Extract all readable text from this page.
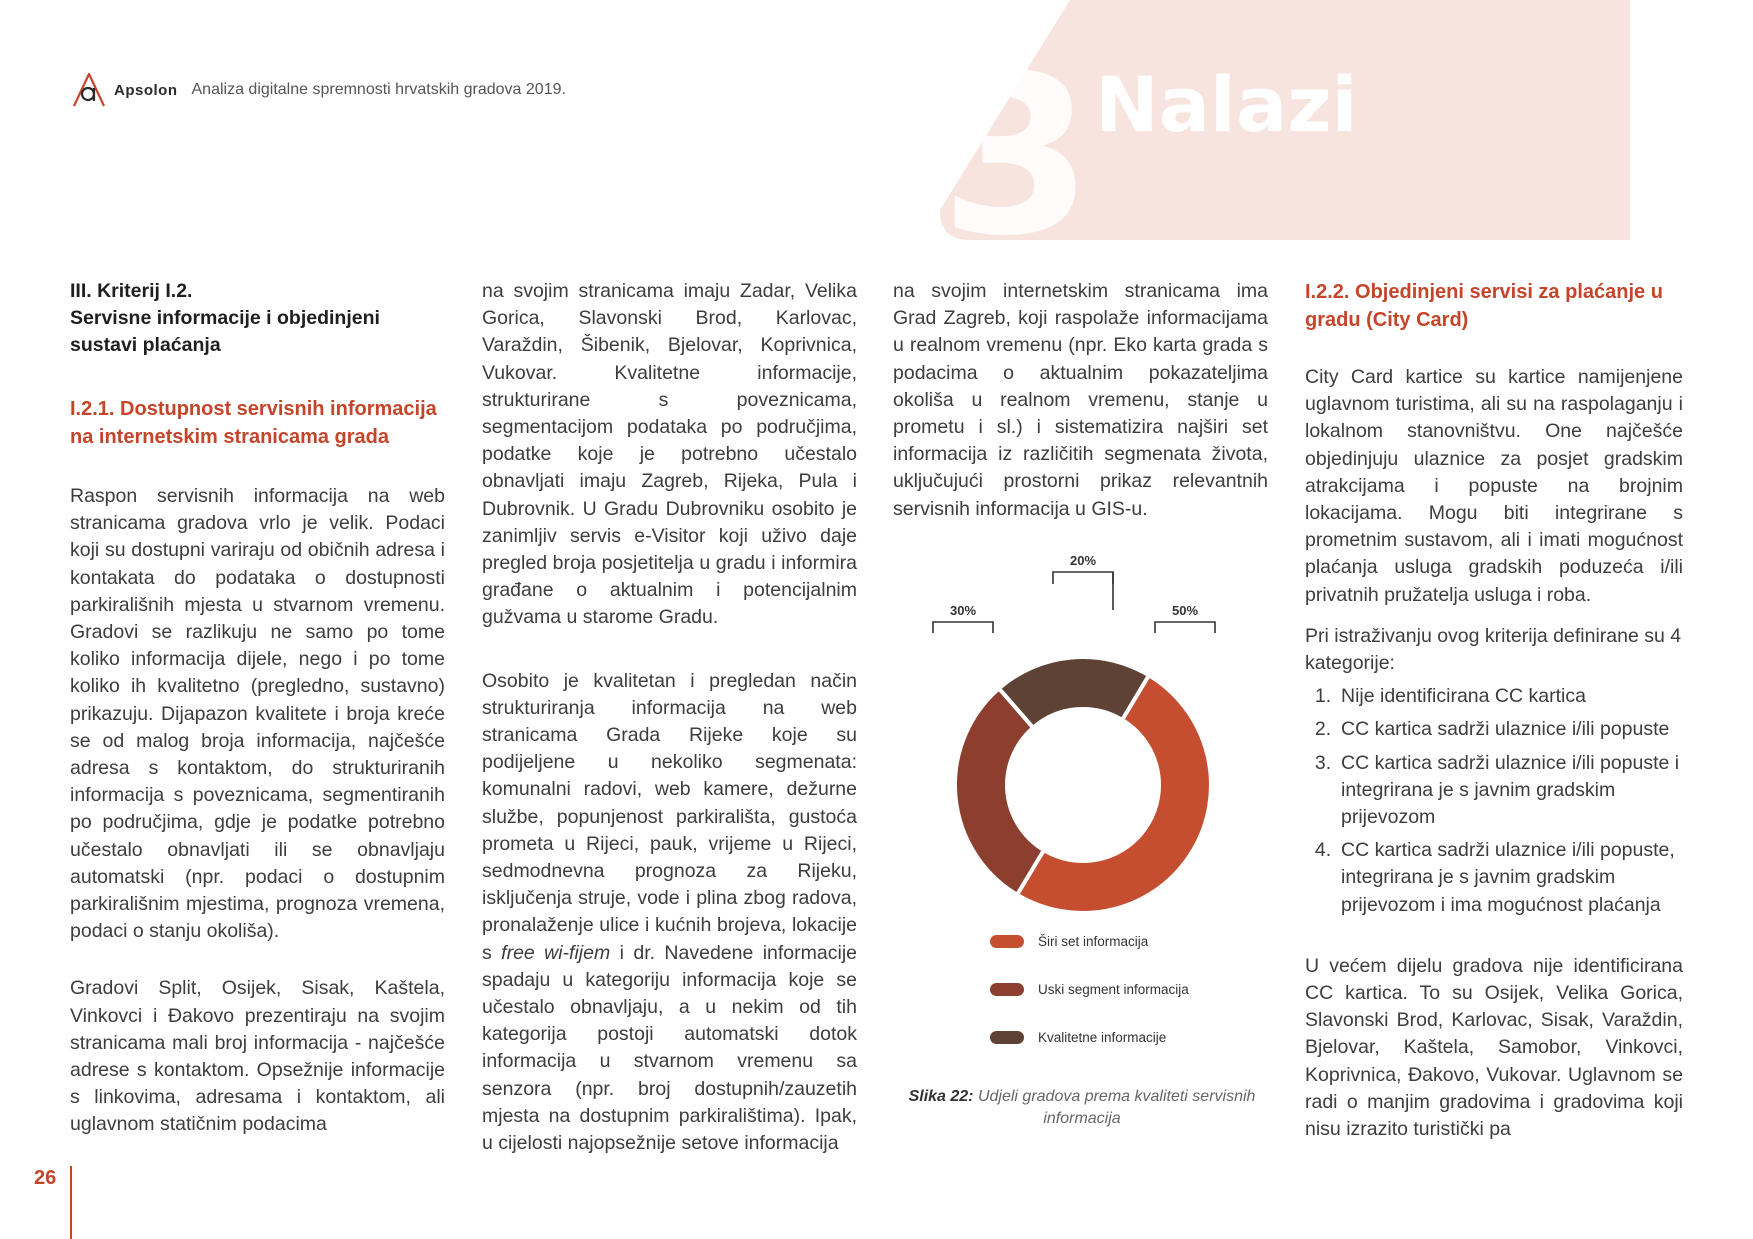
Apsolon Analiza digitalne spremnosti hrvatskih gradova 2019. 3 Nalazi
istraživanja
III. Kriterij I.2.
Servisne informacije i objedinjeni sustavi plaćanja
I.2.1. Dostupnost servisnih informacija na internetskim stranicama grada

Raspon servisnih informacija na web stranicama gradova vrlo je velik. Podaci koji su dostupni variraju od običnih adresa i kontakata do podataka o dostupnosti parkirališnih mjesta u stvarnom vremenu. Gradovi se razlikuju ne samo po tome koliko informacija dijele, nego i po tome koliko ih kvalitetno (pregledno, sustavno) prikazuju. Dijapazon kvalitete i broja kreće se od malog broja informacija, najčešće adresa s kontaktom, do strukturiranih informacija s poveznicama, segmentiranih po područjima, gdje je podatke potrebno učestalo obnavljati ili se obnavljaju automatski (npr. podaci o dostupnim parkirališnim mjestima, prognoza vremena, podaci o stanju okoliša).

Gradovi Split, Osijek, Sisak, Kaštela, Vinkovci i Đakovo prezentiraju na svojim stranicama mali broj informacija - najčešće adrese s kontaktom. Opsežnije informacije s linkovima, adresama i kontaktom, ali uglavnom statičnim podacima

na svojim stranicama imaju Zadar, Velika Gorica, Slavonski Brod, Karlovac, Varaždin, Šibenik, Bjelovar, Koprivnica, Vukovar. Kvalitetne informacije, strukturirane s poveznicama, segmentacijom podataka po područjima, podatke koje je potrebno učestalo obnavljati imaju Zagreb, Rijeka, Pula i Dubrovnik. U Gradu Dubrovniku osobito je zanimljiv servis e-Visitor koji uživo daje pregled broja posjetitelja u gradu i informira građane o aktualnim i potencijalnim gužvama u starome Gradu.

Osobito je kvalitetan i pregledan način strukturiranja informacija na web stranicama Grada Rijeke koje su podijeljene u nekoliko segmenata: komunalni radovi, web kamere, dežurne službe, popunjenost parkirališta, gustoća prometa u Rijeci, pauk, vrijeme u Rijeci, sedmodnevna prognoza za Rijeku, isključenja struje, vode i plina zbog radova, pronalaženje ulice i kućnih brojeva, lokacije s free wi-fijem i dr. Navedene informacije spadaju u kategoriju informacija koje se učestalo obnavljaju, a u nekim od tih kategorija postoji automatski dotok informacija u stvarnom vremenu sa senzora (npr. broj dostupnih/zauzetih mjesta na dostupnim parkiralištima). Ipak, u cijelosti najopsežnije setove informacija

na svojim internetskim stranicama ima Grad Zagreb, koji raspolaže informacijama u realnom vremenu (npr. Eko karta grada s podacima o aktualnim pokazateljima okoliša u realnom vremenu, stanje u prometu i sl.) i sistematizira najširi set informacija iz različitih segmenata života, uključujući prostorni prikaz relevantnih servisnih informacija u GIS-u.

50%
30%
20%
Širi set informacija
Uski segment informacija
Kvalitetne informacije
Slika 22: Udjeli gradova prema kvaliteti servisnih informacija
I.2.2. Objedinjeni servisi za plaćanje u gradu (City Card)

City Card kartice su kartice namijenjene uglavnom turistima, ali su na raspolaganju i lokalnom stanovništvu. One najčešće objedinjuju ulaznice za posjet gradskim atrakcijama i popuste na brojnim lokacijama. Mogu biti integrirane s prometnim sustavom, ali i imati mogućnost plaćanja usluga gradskih poduzeća i/ili privatnih pružatelja usluga i roba.

Pri istraživanju ovog kriterija definirane su 4 kategorije:

1. Nije identificirana CC kartica
2. CC kartica sadrži ulaznice i/ili popuste
3. CC kartica sadrži ulaznice i/ili popuste i integrirana je s javnim gradskim prijevozom
4. CC kartica sadrži ulaznice i/ili popuste, integrirana je s javnim gradskim prijevozom i ima mogućnost plaćanja

U većem dijelu gradova nije identificirana CC kartica. To su Osijek, Velika Gorica, Slavonski Brod, Karlovac, Sisak, Varaždin, Bjelovar, Kaštela, Samobor, Vinkovci, Koprivnica, Đakovo, Vukovar. Uglavnom se radi o manjim gradovima i gradovima koji nisu izrazito turistički pa

26
